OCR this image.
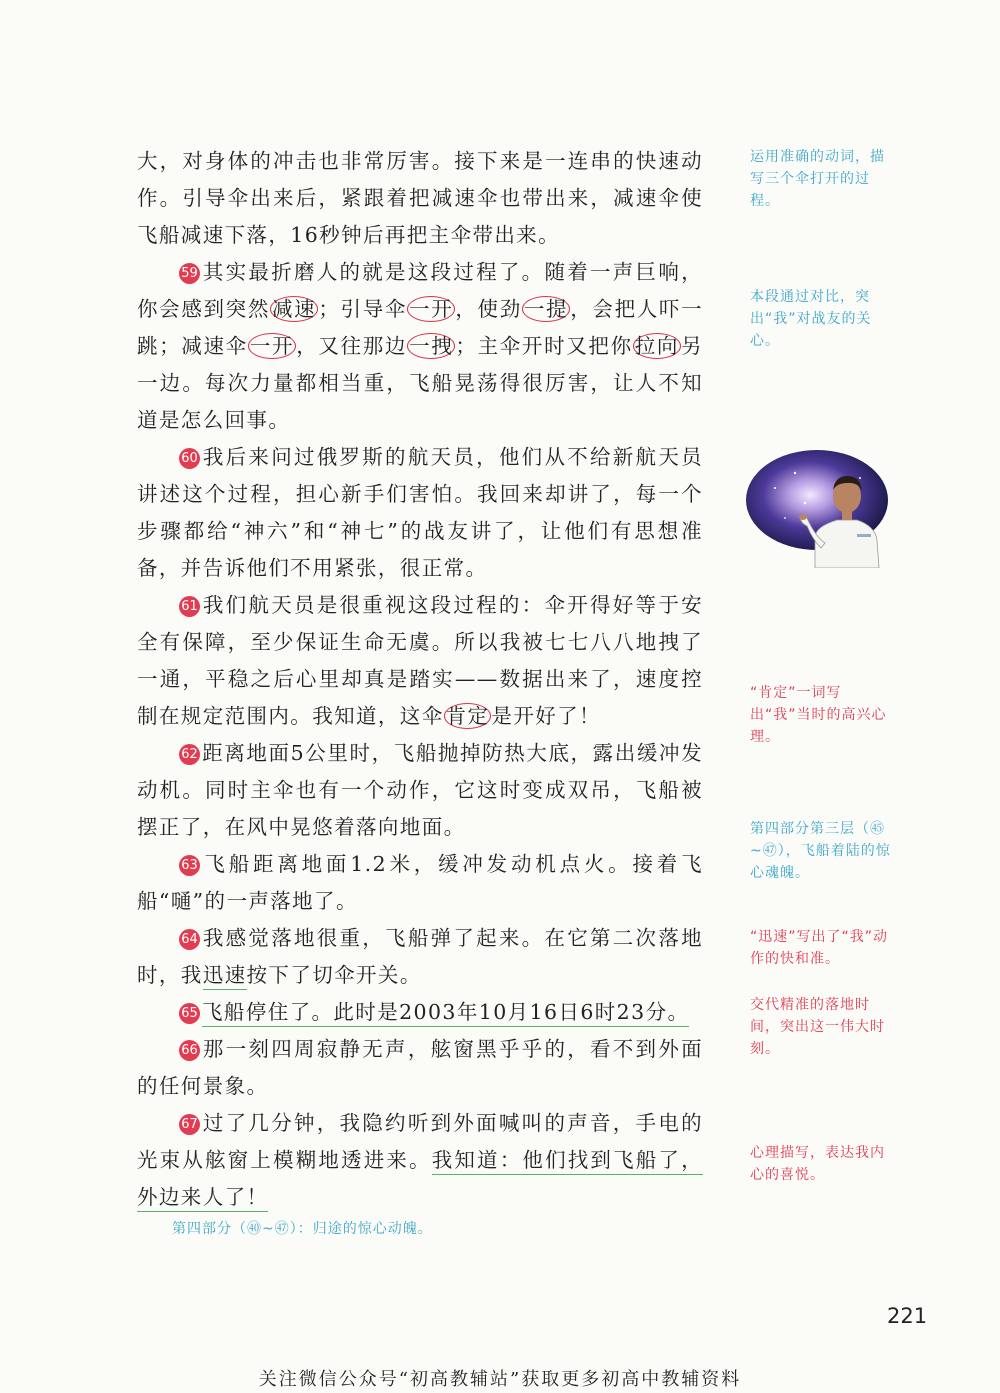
大，对身体的冲击也非常厉害。接下来是一连串的快速动作。引导伞出来后，紧跟着把减速伞也带出来，减速伞使飞船减速下落，16秒钟后再把主伞带出来。

59 其实最折磨人的就是这段过程了。随着一声巨响，你会感到突然减速；引导伞一开，使劲一提，会把人吓一跳；减速伞一开，又往那边一拽；主伞开时又把你拉向另一边。每次力量都相当重，飞船晃荡得很厉害，让人不知道是怎么回事。

60 我后来问过俄罗斯的航天员，他们从不给新航天员讲述这个过程，担心新手们害怕。我回来却讲了，每一个步骤都给“神六”和“神七”的战友讲了，让他们有思想准备，并告诉他们不用紧张，很正常。

61 我们航天员是很重视这段过程的：伞开得好等于安全有保障，至少保证生命无虞。所以我被七七八八地拽了一通，平稳之后心里却真是踏实——数据出来了，速度控制在规定范围内。我知道，这伞肯定是开好了！

62 距离地面5公里时，飞船抛掉防热大底，露出缓冲发动机。同时主伞也有一个动作，它这时变成双吊，飞船被摆正了，在风中晃悠着落向地面。

63 飞船距离地面1.2米，缓冲发动机点火。接着飞船“嗵”的一声落地了。

64 我感觉落地很重，飞船弹了起来。在它第二次落地时，我迅速按下了切伞开关。

65 飞船停住了。此时是2003年10月16日6时23分。

66 那一刻四周寂静无声，舷窗黑乎乎的，看不到外面的任何景象。

67 过了几分钟，我隐约听到外面喊叫的声音，手电的光束从舷窗上模糊地透进来。我知道：他们找到飞船了，外边来人了！

第四部分（㊵~㊼）：归途的惊心动魄。
运用准确的动词，描写三个伞打开的过程。
本段通过对比，突出“我”对战友的关心。
“肯定”一词写出“我”当时的高兴心理。
第四部分第三层（㊺~㊼），飞船着陆的惊心魂魄。
“迅速”写出了“我”动作的快和准。
交代精准的落地时间，突出这一伟大时刻。
心理描写，表达我内心的喜悦。
221
关注微信公众号“初高教辅站”获取更多初高中教辅资料
